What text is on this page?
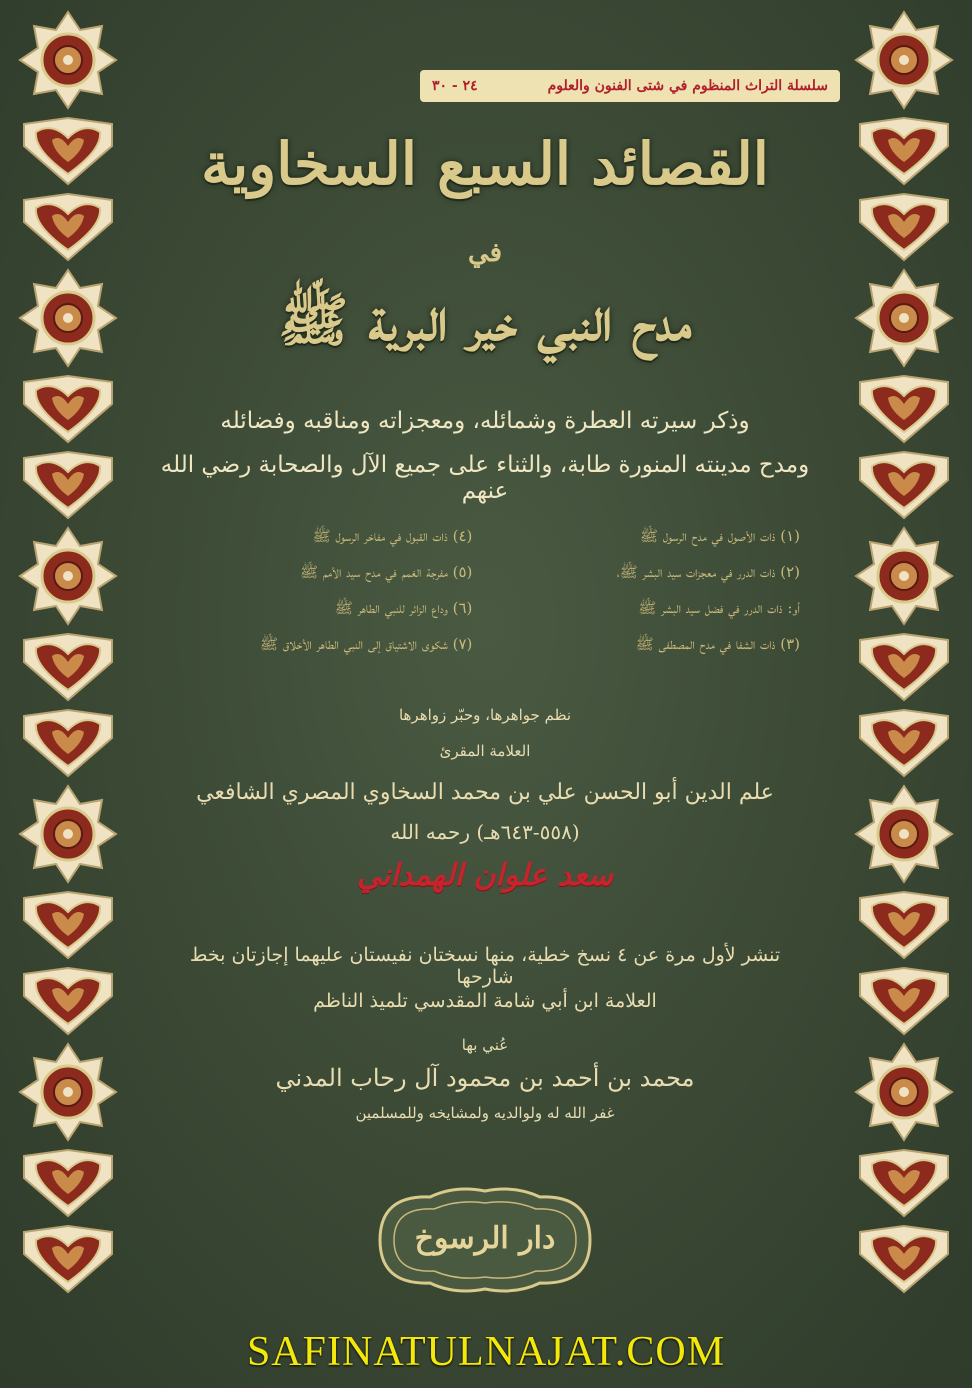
سلسلة التراث المنظوم في شتى الفنون والعلوم
٢٤ - ٣٠
القصائد السبع السخاوية
في
مدح النبي خير البرية ﷺ
وذكر سيرته العطرة وشمائله، ومعجزاته ومناقبه وفضائله
ومدح مدينته المنورة طابة، والثناء على جميع الآل والصحابة رضي الله عنهم
(١) ذات الأصول في مدح الرسول ﷺ
(٤) ذات القبول في مفاخر الرسول ﷺ
(٢) ذات الدرر في معجزات سيد البشر ﷺ،
(٥) مفرجة الغمم في مدح سيد الأمم ﷺ
أو: ذات الدرر في فضل سيد البشر ﷺ
(٦) وداع الزائر للنبي الطاهر ﷺ
(٣) ذات الشفا في مدح المصطفى ﷺ
(٧) شكوى الاشتياق إلى النبي الطاهر الأخلاق ﷺ
نظم جواهرها، وحبّر زواهرها
العلامة المقرئ
علم الدين أبو الحسن علي بن محمد السخاوي المصري الشافعي
(٥٥٨-٦٤٣هـ) رحمه الله
سعد علوان الهمداني
تنشر لأول مرة عن ٤ نسخ خطية، منها نسختان نفيستان عليهما إجازتان بخط شارحها
العلامة ابن أبي شامة المقدسي تلميذ الناظم
عُني بها
محمد بن أحمد بن محمود آل رحاب المدني
غفر الله له ولوالديه ولمشايخه وللمسلمين
دار الرسوخ
SAFINATULNAJAT.COM
